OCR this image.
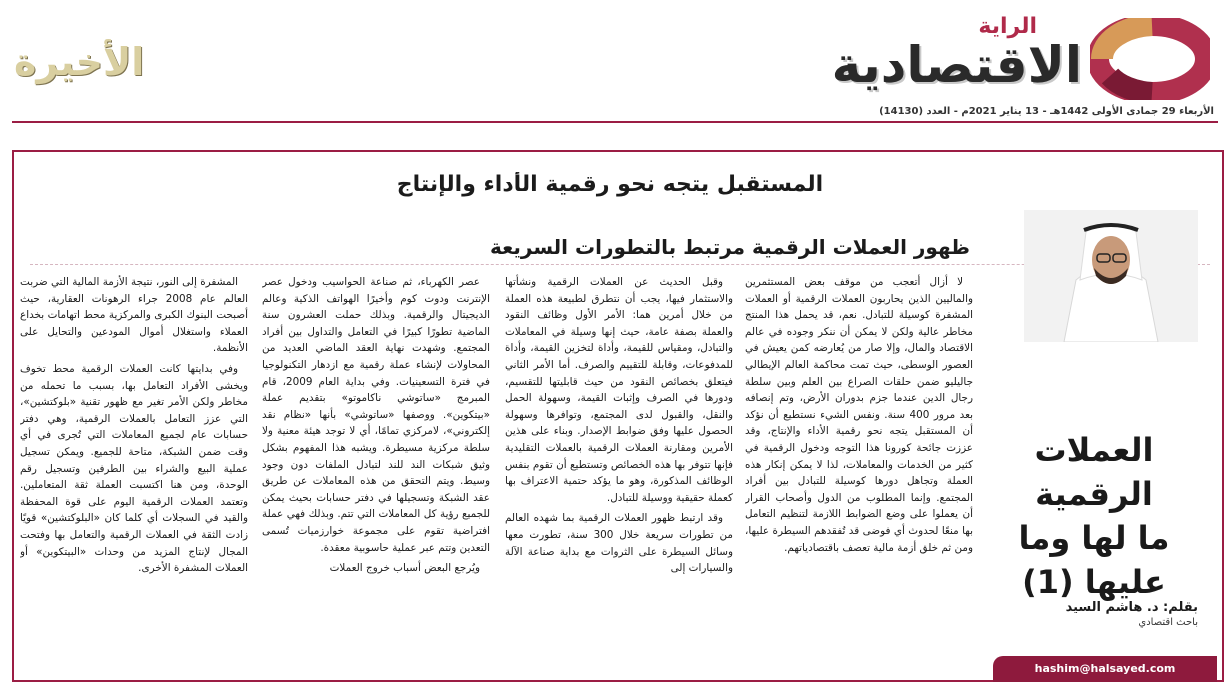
الراية
الاقتصادية
الأخيرة
الأربعاء 29 جمادى الأولى 1442هـ - 13 يناير 2021م - العدد (14130)
المستقبل يتجه نحو رقمية الأداء والإنتاج
ظهور العملات الرقمية مرتبط بالتطورات السريعة
العملات الرقمية
ما لها وما عليها (1)
بقلم: د. هاشم السيد
باحث اقتصادي
hashim@halsayed.com

لا أزال أتعجب من موقف بعض المستثمرين والماليين الذين يحاربون العملات الرقمية أو العملات المشفرة كوسيلة للتبادل. نعم، قد يحمل هذا المنتج مخاطر عالية ولكن لا يمكن أن ننكر وجوده في عالم الاقتصاد والمال، وإلا صار من يُعارضه كمن يعيش في العصور الوسطى، حيث تمت محاكمة العالم الإيطالي جاليليو ضمن حلقات الصراع بين العلم وبين سلطة رجال الدين عندما جزم بدوران الأرض، وتم إنصافه بعد مرور 400 سنة. ونفس الشيء نستطيع أن نؤكد أن المستقبل يتجه نحو رقمية الأداء والإنتاج، وقد عززت جائحة كورونا هذا التوجه ودخول الرقمية في كثير من الخدمات والمعاملات، لذا لا يمكن إنكار هذه العملة وتجاهل دورها كوسيلة للتبادل بين أفراد المجتمع. وإنما المطلوب من الدول وأصحاب القرار أن يعملوا على وضع الضوابط اللازمة لتنظيم التعامل بها منعًا لحدوث أي فوضى قد تُفقدهم السيطرة عليها، ومن ثم خلق أزمة مالية تعصف باقتصادياتهم.

وقبل الحديث عن العملات الرقمية ونشأتها والاستثمار فيها، يجب أن نتطرق لطبيعة هذه العملة من خلال أمرين هما: الأمر الأول وظائف النقود والعملة بصفة عامة، حيث إنها وسيلة في المعاملات والتبادل، ومقياس للقيمة، وأداة لتخزين القيمة، وأداة للمدفوعات، وقابلة للتقييم والصرف. أما الأمر الثاني فيتعلق بخصائص النقود من حيث قابليتها للتقسيم، ودورها في الصرف وإثبات القيمة، وسهولة الحمل والنقل، والقبول لدى المجتمع، وتوافرها وسهولة الحصول عليها وفق ضوابط الإصدار. وبناء على هذين الأمرين ومقارنة العملات الرقمية بالعملات التقليدية فإنها تتوفر بها هذه الخصائص وتستطيع أن تقوم بنفس الوظائف المذكورة، وهو ما يؤكد حتمية الاعتراف بها كعملة حقيقية ووسيلة للتبادل.

وقد ارتبط ظهور العملات الرقمية بما شهده العالم من تطورات سريعة خلال 300 سنة، تطورت معها وسائل السيطرة على الثروات مع بداية صناعة الآلة والسيارات إلى

عصر الكهرباء، ثم صناعة الحواسيب ودخول عصر الإنترنت ودوت كوم وأخيرًا الهواتف الذكية وعالم الديجيتال والرقمية. وبذلك حملت العشرون سنة الماضية تطورًا كبيرًا في التعامل والتداول بين أفراد المجتمع. وشهدت نهاية العقد الماضي العديد من المحاولات لإنشاء عملة رقمية مع ازدهار التكنولوجيا في فترة التسعينيات. وفي بداية العام 2009، قام المبرمج «ساتوشي ناكاموتو» بتقديم عملة «بيتكوين». ووصفها «ساتوشي» بأنها «نظام نقد إلكتروني»، لامركزي تمامًا، أي لا توجد هيئة معنية ولا سلطة مركزية مسيطرة. ويشبه هذا المفهوم بشكل وثيق شبكات الند للند لتبادل الملفات دون وجود وسيط. ويتم التحقق من هذه المعاملات عن طريق عقد الشبكة وتسجيلها في دفتر حسابات بحيث يمكن للجميع رؤية كل المعاملات التي تتم. وبذلك فهي عملة افتراضية تقوم على مجموعة خوارزميات تُسمى التعدين وتتم عبر عملية حاسوبية معقدة.

ويُرجع البعض أسباب خروج العملات

المشفرة إلى النور، نتيجة الأزمة المالية التي ضربت العالم عام 2008 جراء الرهونات العقارية، حيث أصبحت البنوك الكبرى والمركزية محط اتهامات بخداع العملاء واستغلال أموال المودعين والتحايل على الأنظمة.

وفي بدايتها كانت العملات الرقمية محط تخوف ويخشى الأفراد التعامل بها، بسبب ما تحمله من مخاطر ولكن الأمر تغير مع ظهور تقنية «بلوكتشين»، التي عزز التعامل بالعملات الرقمية، وهي دفتر حسابات عام لجميع المعاملات التي تُجرى في أي وقت ضمن الشبكة، متاحة للجميع. ويمكن تسجيل عملية البيع والشراء بين الطرفين وتسجيل رقم الوحدة، ومن هنا اكتسبت العملة ثقة المتعاملين. وتعتمد العملات الرقمية اليوم على قوة المحفظة والقيد في السجلات أي كلما كان «البلوكتشين» قويًا زادت الثقة في العملات الرقمية والتعامل بها وفتحت المجال لإنتاج المزيد من وحدات «البيتكوين» أو العملات المشفرة الأخرى.
